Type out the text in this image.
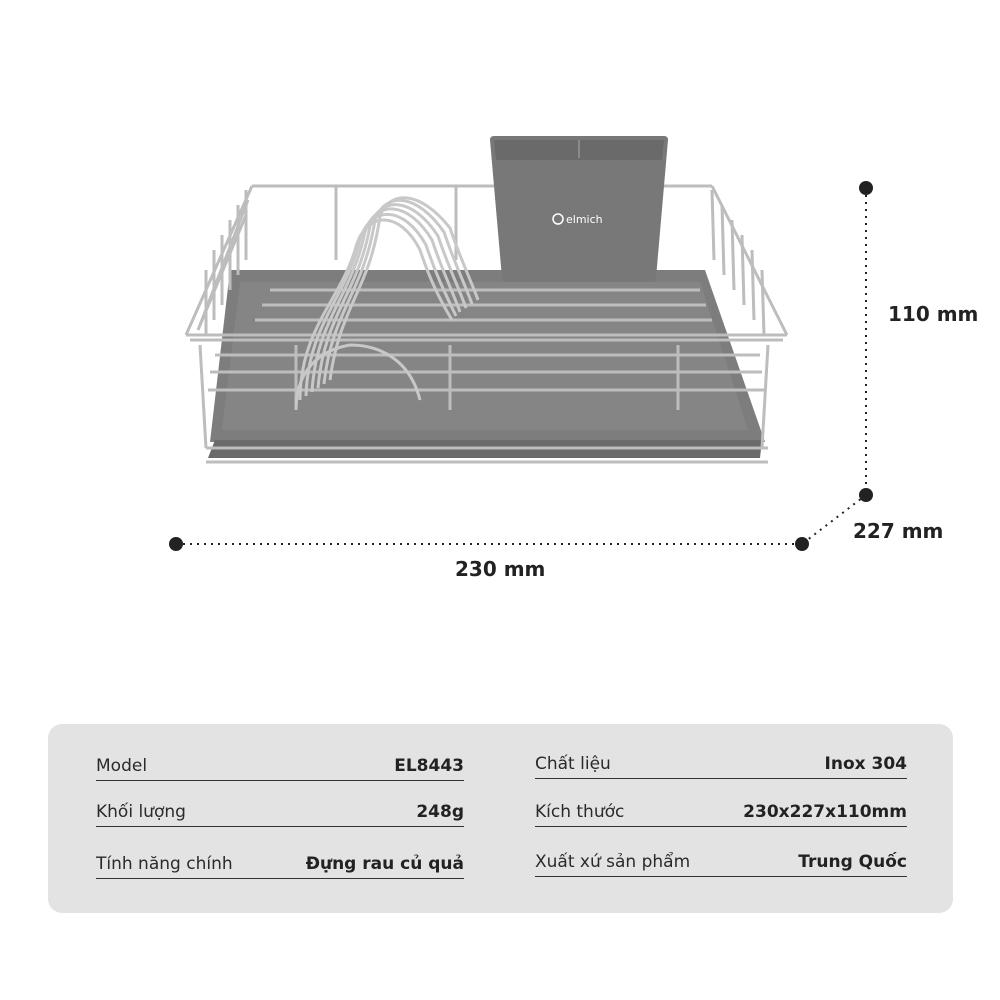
elmich
110 mm
227 mm
230 mm
Model	EL8443
Khối lượng	248g
Tính năng chính	Đựng rau củ quả
Chất liệu	Inox 304
Kích thước	230x227x110mm
Xuất xứ sản phẩm	Trung Quốc
